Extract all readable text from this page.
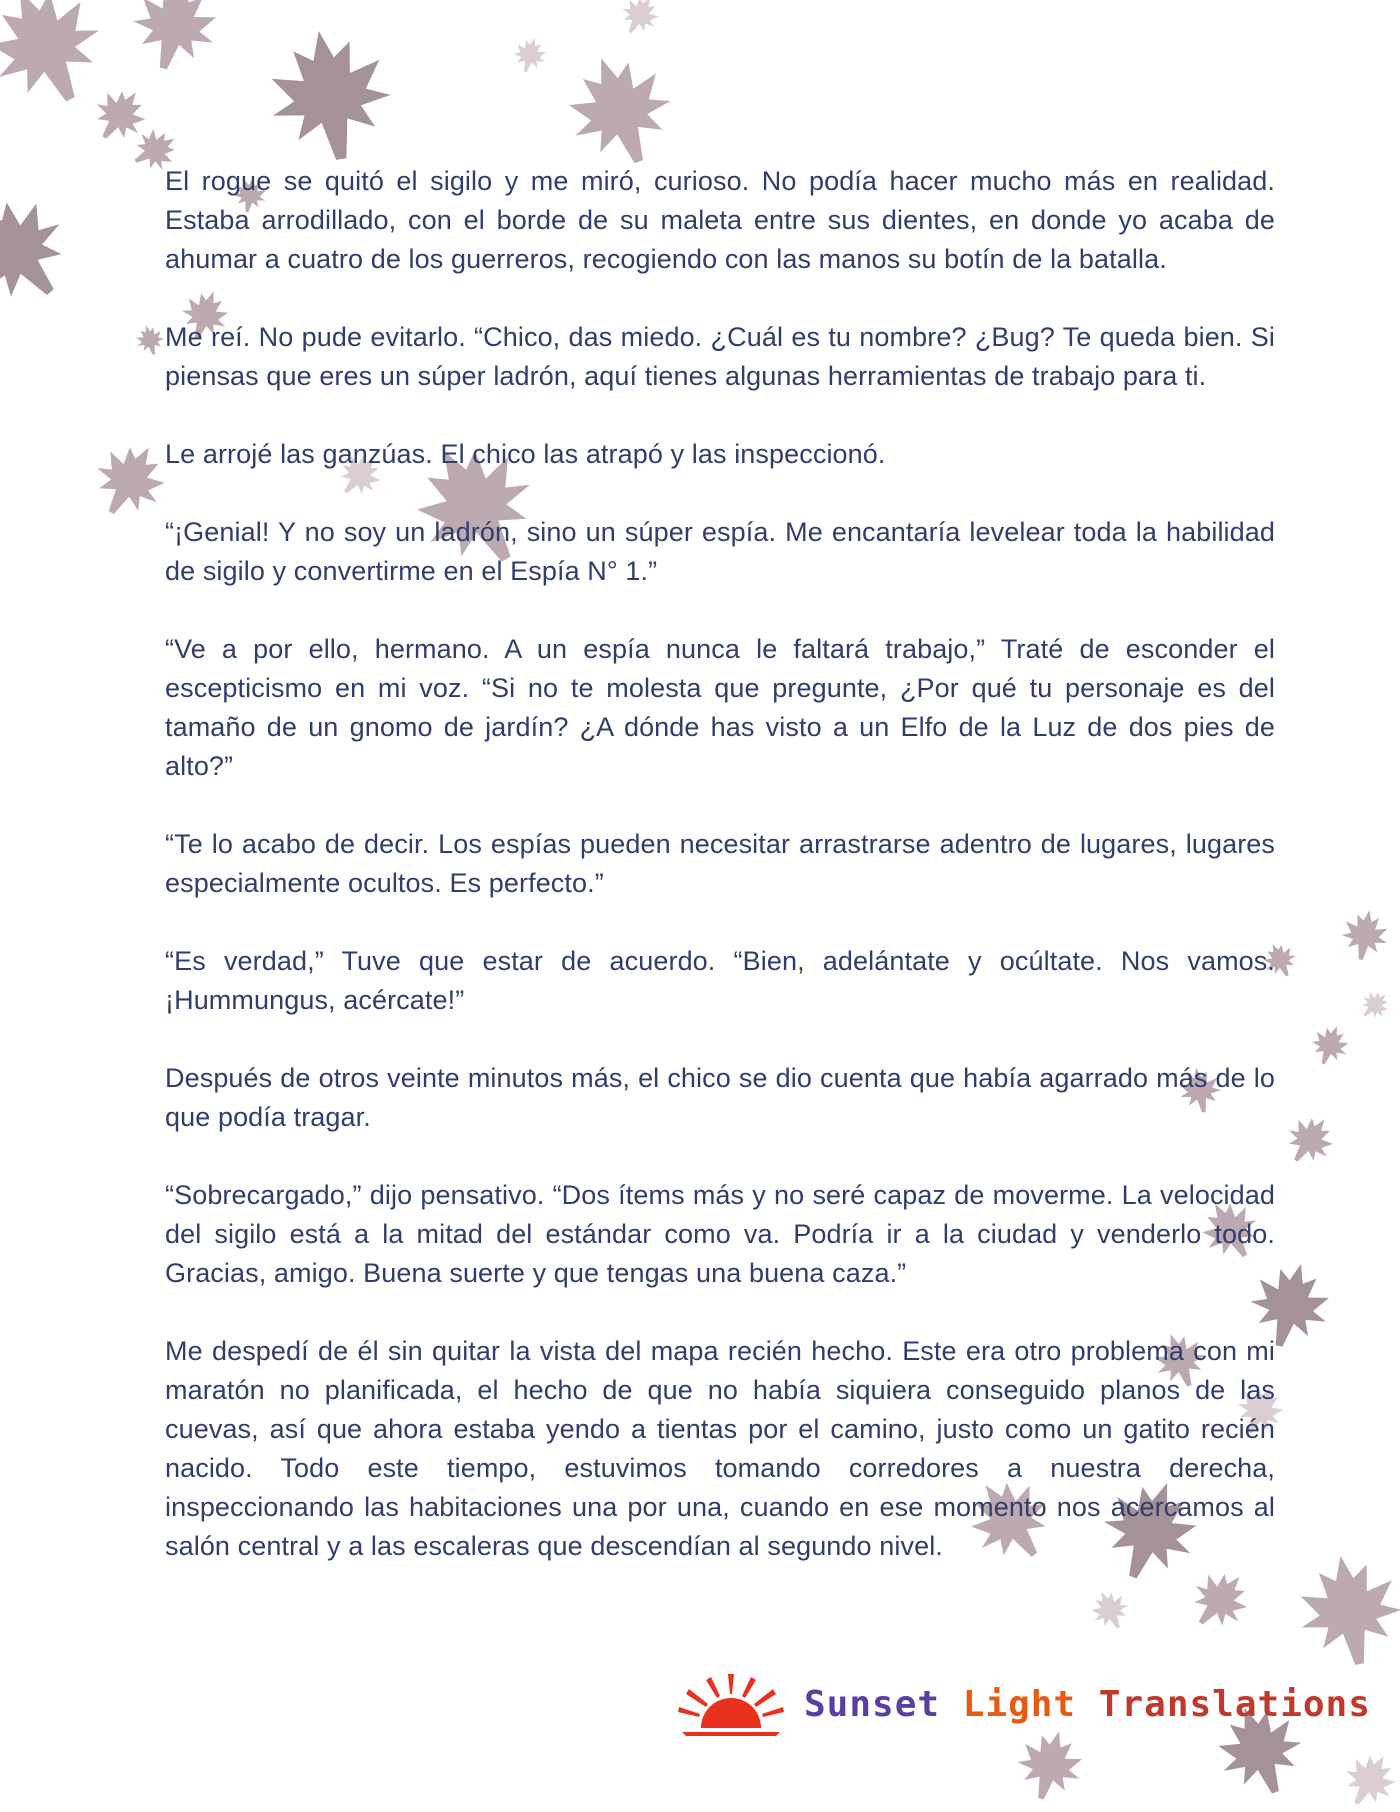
El rogue se quitó el sigilo y me miró, curioso. No podía hacer mucho más en realidad. Estaba arrodillado, con el borde de su maleta entre sus dientes, en donde yo acaba de ahumar a cuatro de los guerreros, recogiendo con las manos su botín de la batalla.

Me reí. No pude evitarlo. “Chico, das miedo. ¿Cuál es tu nombre? ¿Bug? Te queda bien. Si piensas que eres un súper ladrón, aquí tienes algunas herramientas de trabajo para ti.

Le arrojé las ganzúas. El chico las atrapó y las inspeccionó.

“¡Genial! Y no soy un ladrón, sino un súper espía. Me encantaría levelear toda la habilidad de sigilo y convertirme en el Espía N° 1.”

“Ve a por ello, hermano. A un espía nunca le faltará trabajo,” Traté de esconder el escepticismo en mi voz. “Si no te molesta que pregunte, ¿Por qué tu personaje es del tamaño de un gnomo de jardín? ¿A dónde has visto a un Elfo de la Luz de dos pies de alto?”

“Te lo acabo de decir. Los espías pueden necesitar arrastrarse adentro de lugares, lugares especialmente ocultos. Es perfecto.”

“Es verdad,” Tuve que estar de acuerdo. “Bien, adelántate y ocúltate. Nos vamos. ¡Hummungus, acércate!”

Después de otros veinte minutos más, el chico se dio cuenta que había agarrado más de lo que podía tragar.

“Sobrecargado,” dijo pensativo. “Dos ítems más y no seré capaz de moverme. La velocidad del sigilo está a la mitad del estándar como va. Podría ir a la ciudad y venderlo todo. Gracias, amigo. Buena suerte y que tengas una buena caza.”

Me despedí de él sin quitar la vista del mapa recién hecho. Este era otro problema con mi maratón no planificada, el hecho de que no había siquiera conseguido planos de las cuevas, así que ahora estaba yendo a tientas por el camino, justo como un gatito recién nacido. Todo este tiempo, estuvimos tomando corredores a nuestra derecha, inspeccionando las habitaciones una por una, cuando en ese momento nos acercamos al salón central y a las escaleras que descendían al segundo nivel.

Sunset Light Translations
